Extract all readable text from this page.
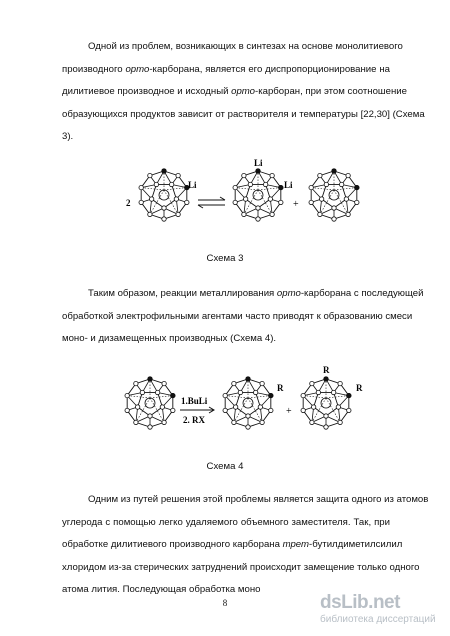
Одной из проблем, возникающих в синтезах на основе монолитиевого
производного орто-карборана, является его диспропорционирование на
дилитиевое производное и исходный орто-карборан, при этом соотношение
образующихся продуктов зависит от растворителя и температуры [22,30] (Схема
3).
2
Li
Li
Li
+

Схема 3

Таким образом, реакции металлирования орто-карборана с последующей
обработкой электрофильными агентами часто приводят к образованию смеси
моно- и дизамещенных производных (Схема 4).
1.BuLi
2. RX
R
+
R
R

Схема 4

Одним из путей решения этой проблемы является защита одного из атомов
углерода с помощью легко удаляемого объемного заместителя. Так, при
обработке дилитиевого производного карборана трет-бутилдиметилсилил
хлоридом из-за стерических затруднений происходит замещение только одного
атома лития. Последующая обработка моно
8	dsLib.net
библиотека диссертаций
